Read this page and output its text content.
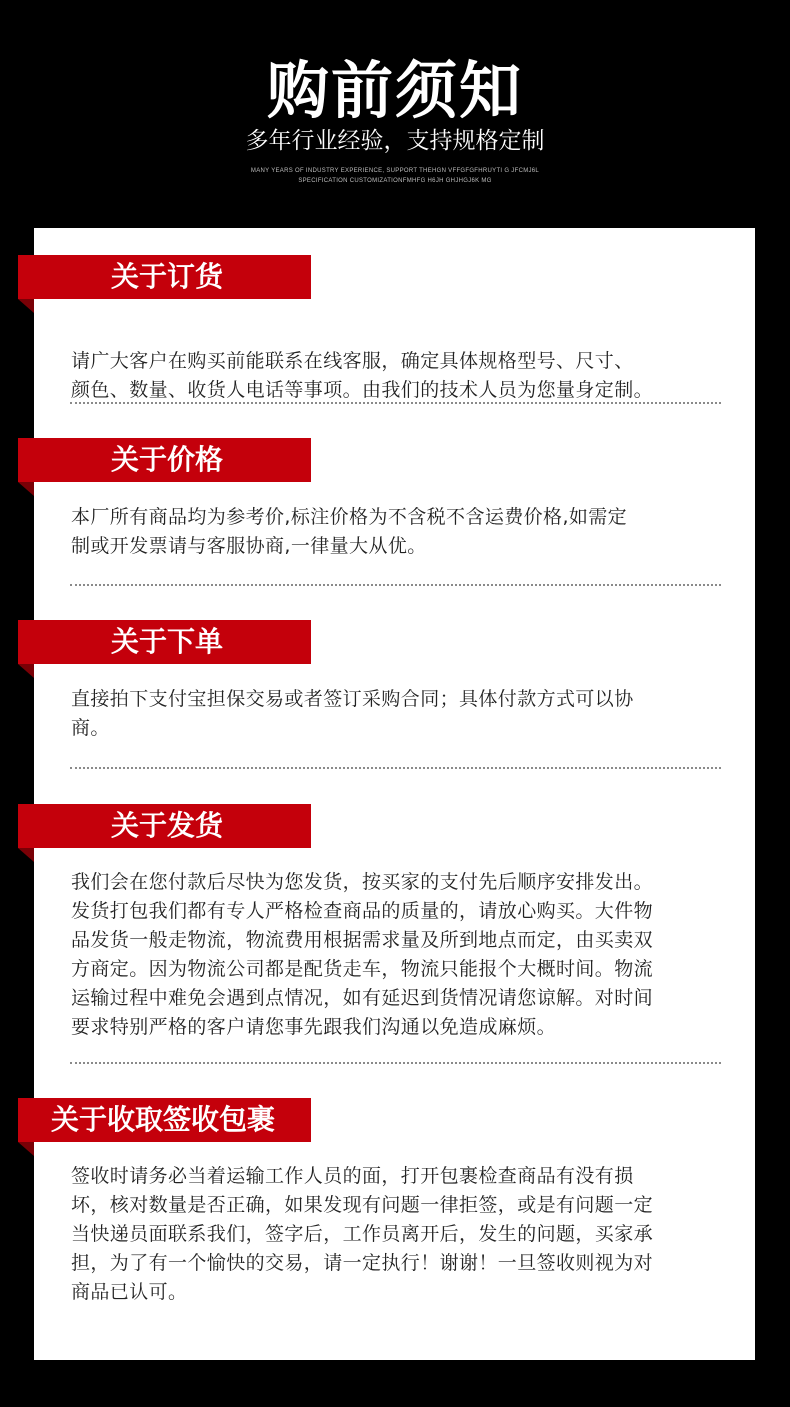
购前须知
多年行业经验，支持规格定制
MANY YEARS OF INDUSTRY EXPERIENCE, SUPPORT THEHGN VFFGFGFHRUYTI G JFCMJ6L
SPECIFICATION CUSTOMIZATIONFMHFG H6JH GHJHGJ6K MG
关于订货
请广大客户在购买前能联系在线客服，确定具体规格型号、尺寸、
颜色、数量、收货人电话等事项。由我们的技术人员为您量身定制。
关于价格
本厂所有商品均为参考价,标注价格为不含税不含运费价格,如需定
制或开发票请与客服协商,一律量大从优。
关于下单
直接拍下支付宝担保交易或者签订采购合同；具体付款方式可以协
商。
关于发货
我们会在您付款后尽快为您发货，按买家的支付先后顺序安排发出。
发货打包我们都有专人严格检查商品的质量的，请放心购买。大件物
品发货一般走物流，物流费用根据需求量及所到地点而定，由买卖双
方商定。因为物流公司都是配货走车，物流只能报个大概时间。物流
运输过程中难免会遇到点情况，如有延迟到货情况请您谅解。对时间
要求特别严格的客户请您事先跟我们沟通以免造成麻烦。
关于收取签收包裹
签收时请务必当着运输工作人员的面，打开包裹检查商品有没有损
坏，核对数量是否正确，如果发现有问题一律拒签，或是有问题一定
当快递员面联系我们，签字后，工作员离开后，发生的问题，买家承
担，为了有一个愉快的交易，请一定执行！谢谢！一旦签收则视为对
商品已认可。
